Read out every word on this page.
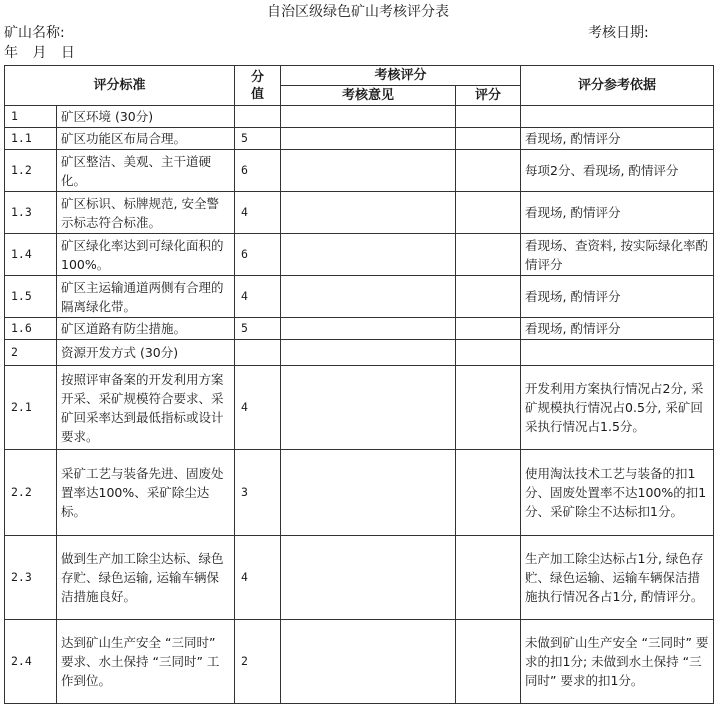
自治区级绿色矿山考核评分表
矿山名称:	考核日期:
年 月 日
评分标准		分
值	考核评分		评分参考依据
			考核意见	评分	
1	矿区环境 (30分)				
1.1	矿区功能区布局合理。	5			看现场, 酌情评分
1.2	矿区整洁、美观、主干道硬化。	6			每项2分、看现场, 酌情评分
1.3	矿区标识、标牌规范, 安全警示标志符合标准。	4			看现场, 酌情评分
1.4	矿区绿化率达到可绿化面积的100%。	6			看现场、查资料, 按实际绿化率酌情评分
1.5	矿区主运输通道两侧有合理的隔离绿化带。	4			看现场, 酌情评分
1.6	矿区道路有防尘措施。	5			看现场, 酌情评分
2	资源开发方式 (30分)				
2.1	按照评审备案的开发利用方案开采、采矿规模符合要求、采矿回采率达到最低指标或设计要求。	4			开发利用方案执行情况占2分, 采矿规模执行情况占0.5分, 采矿回采执行情况占1.5分。
2.2	采矿工艺与装备先进、固废处置率达100%、采矿除尘达标。	3			使用淘汰技术工艺与装备的扣1分、固废处置率不达100%的扣1分、采矿除尘不达标扣1分。
2.3	做到生产加工除尘达标、绿色存贮、绿色运输, 运输车辆保洁措施良好。	4			生产加工除尘达标占1分, 绿色存贮、绿色运输、运输车辆保洁措施执行情况各占1分, 酌情评分。
2.4	达到矿山生产安全 “三同时” 要求、水土保持 “三同时” 工作到位。	2			未做到矿山生产安全 “三同时” 要求的扣1分; 未做到水土保持 “三同时” 要求的扣1分。
